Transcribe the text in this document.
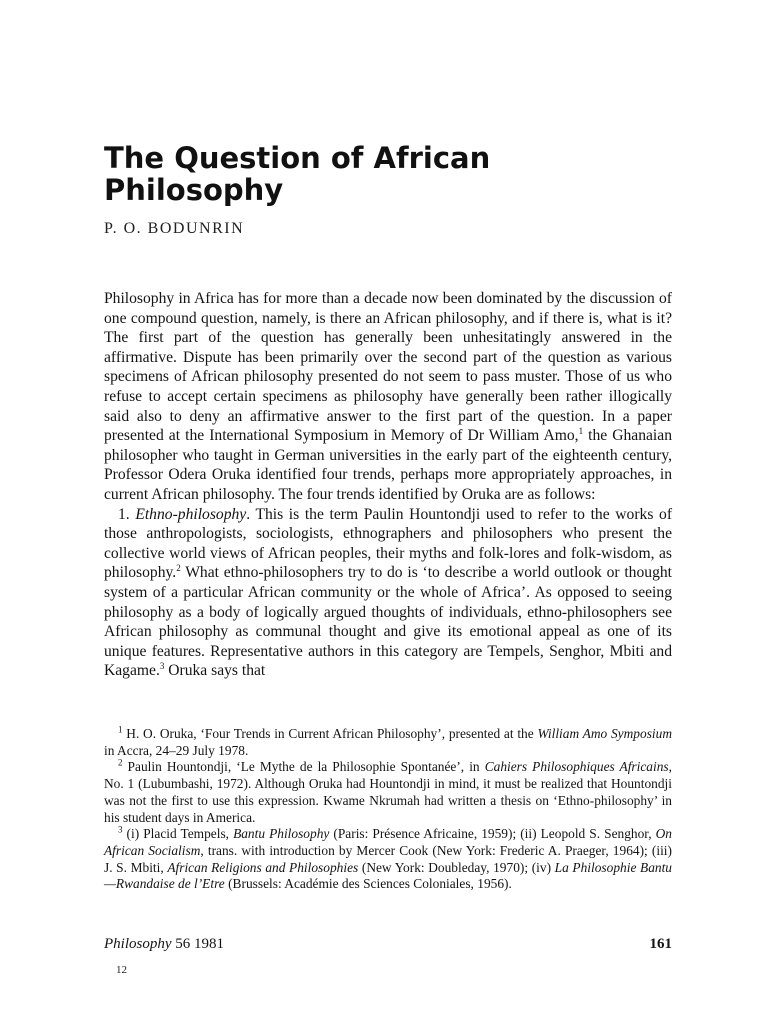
The Question of African Philosophy
P. O. BODUNRIN

Philosophy in Africa has for more than a decade now been dominated by the discussion of one compound question, namely, is there an African philosophy, and if there is, what is it? The first part of the question has generally been unhesitatingly answered in the affirmative. Dispute has been primarily over the second part of the question as various specimens of African philosophy presented do not seem to pass muster. Those of us who refuse to accept certain specimens as philosophy have generally been rather illogically said also to deny an affirmative answer to the first part of the question. In a paper presented at the International Symposium in Memory of Dr William Amo,$^1$ the Ghanaian philosopher who taught in German universities in the early part of the eighteenth century, Professor Odera Oruka identified four trends, perhaps more appropriately approaches, in current African philosophy. The four trends identified by Oruka are as follows:

1. Ethno-philosophy. This is the term Paulin Hountondji used to refer to the works of those anthropologists, sociologists, ethnographers and philosophers who present the collective world views of African peoples, their myths and folk-lores and folk-wisdom, as philosophy.$^2$ What ethno-philosophers try to do is ‘to describe a world outlook or thought system of a particular African community or the whole of Africa’. As opposed to seeing philosophy as a body of logically argued thoughts of individuals, ethno-philosophers see African philosophy as communal thought and give its emotional appeal as one of its unique features. Representative authors in this category are Tempels, Senghor, Mbiti and Kagame.$^3$ Oruka says that

$^1$ H. O. Oruka, ‘Four Trends in Current African Philosophy’, presented at the William Amo Symposium in Accra, 24–29 July 1978.

$^2$ Paulin Hountondji, ‘Le Mythe de la Philosophie Spontanée’, in Cahiers Philosophiques Africains, No. 1 (Lubumbashi, 1972). Although Oruka had Hountondji in mind, it must be realized that Hountondji was not the first to use this expression. Kwame Nkrumah had written a thesis on ‘Ethno-philosophy’ in his student days in America.

$^3$ (i) Placid Tempels, Bantu Philosophy (Paris: Présence Africaine, 1959); (ii) Leopold S. Senghor, On African Socialism, trans. with introduction by Mercer Cook (New York: Frederic A. Praeger, 1964); (iii) J. S. Mbiti, African Religions and Philosophies (New York: Doubleday, 1970); (iv) La Philosophie Bantu—Rwandaise de l’Etre (Brussels: Académie des Sciences Coloniales, 1956).

Philosophy 56 1981	161
12
